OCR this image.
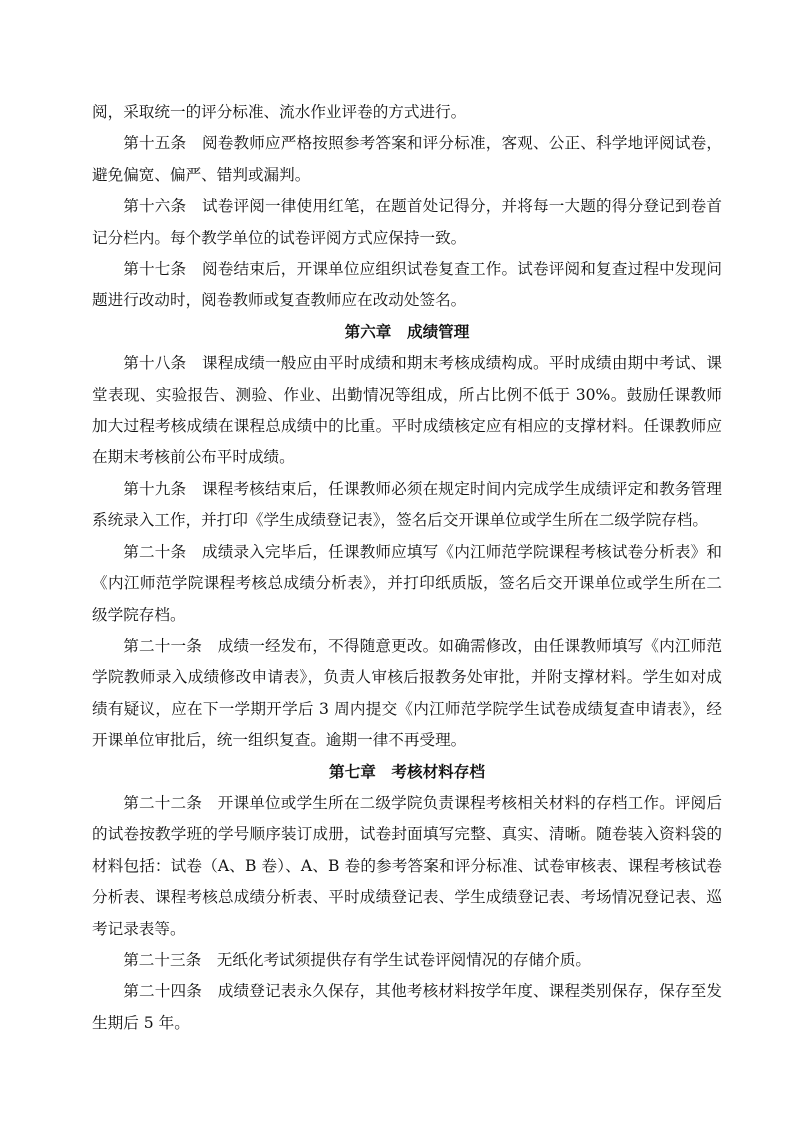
阅，采取统一的评分标准、流水作业评卷的方式进行。

第十五条　阅卷教师应严格按照参考答案和评分标准，客观、公正、科学地评阅试卷，避免偏宽、偏严、错判或漏判。

第十六条　试卷评阅一律使用红笔，在题首处记得分，并将每一大题的得分登记到卷首记分栏内。每个教学单位的试卷评阅方式应保持一致。

第十七条　阅卷结束后，开课单位应组织试卷复查工作。试卷评阅和复查过程中发现问题进行改动时，阅卷教师或复查教师应在改动处签名。

第六章　成绩管理

第十八条　课程成绩一般应由平时成绩和期末考核成绩构成。平时成绩由期中考试、课堂表现、实验报告、测验、作业、出勤情况等组成，所占比例不低于 30%。鼓励任课教师加大过程考核成绩在课程总成绩中的比重。平时成绩核定应有相应的支撑材料。任课教师应在期末考核前公布平时成绩。

第十九条　课程考核结束后，任课教师必须在规定时间内完成学生成绩评定和教务管理系统录入工作，并打印《学生成绩登记表》，签名后交开课单位或学生所在二级学院存档。

第二十条　成绩录入完毕后，任课教师应填写《内江师范学院课程考核试卷分析表》和《内江师范学院课程考核总成绩分析表》，并打印纸质版，签名后交开课单位或学生所在二级学院存档。

第二十一条　成绩一经发布，不得随意更改。如确需修改，由任课教师填写《内江师范学院教师录入成绩修改申请表》，负责人审核后报教务处审批，并附支撑材料。学生如对成绩有疑议，应在下一学期开学后 3 周内提交《内江师范学院学生试卷成绩复查申请表》，经开课单位审批后，统一组织复查。逾期一律不再受理。

第七章　考核材料存档

第二十二条　开课单位或学生所在二级学院负责课程考核相关材料的存档工作。评阅后的试卷按教学班的学号顺序装订成册，试卷封面填写完整、真实、清晰。随卷装入资料袋的材料包括：试卷（A、B 卷）、A、B 卷的参考答案和评分标准、试卷审核表、课程考核试卷分析表、课程考核总成绩分析表、平时成绩登记表、学生成绩登记表、考场情况登记表、巡考记录表等。

第二十三条　无纸化考试须提供存有学生试卷评阅情况的存储介质。

第二十四条　成绩登记表永久保存，其他考核材料按学年度、课程类别保存，保存至发生期后 5 年。
